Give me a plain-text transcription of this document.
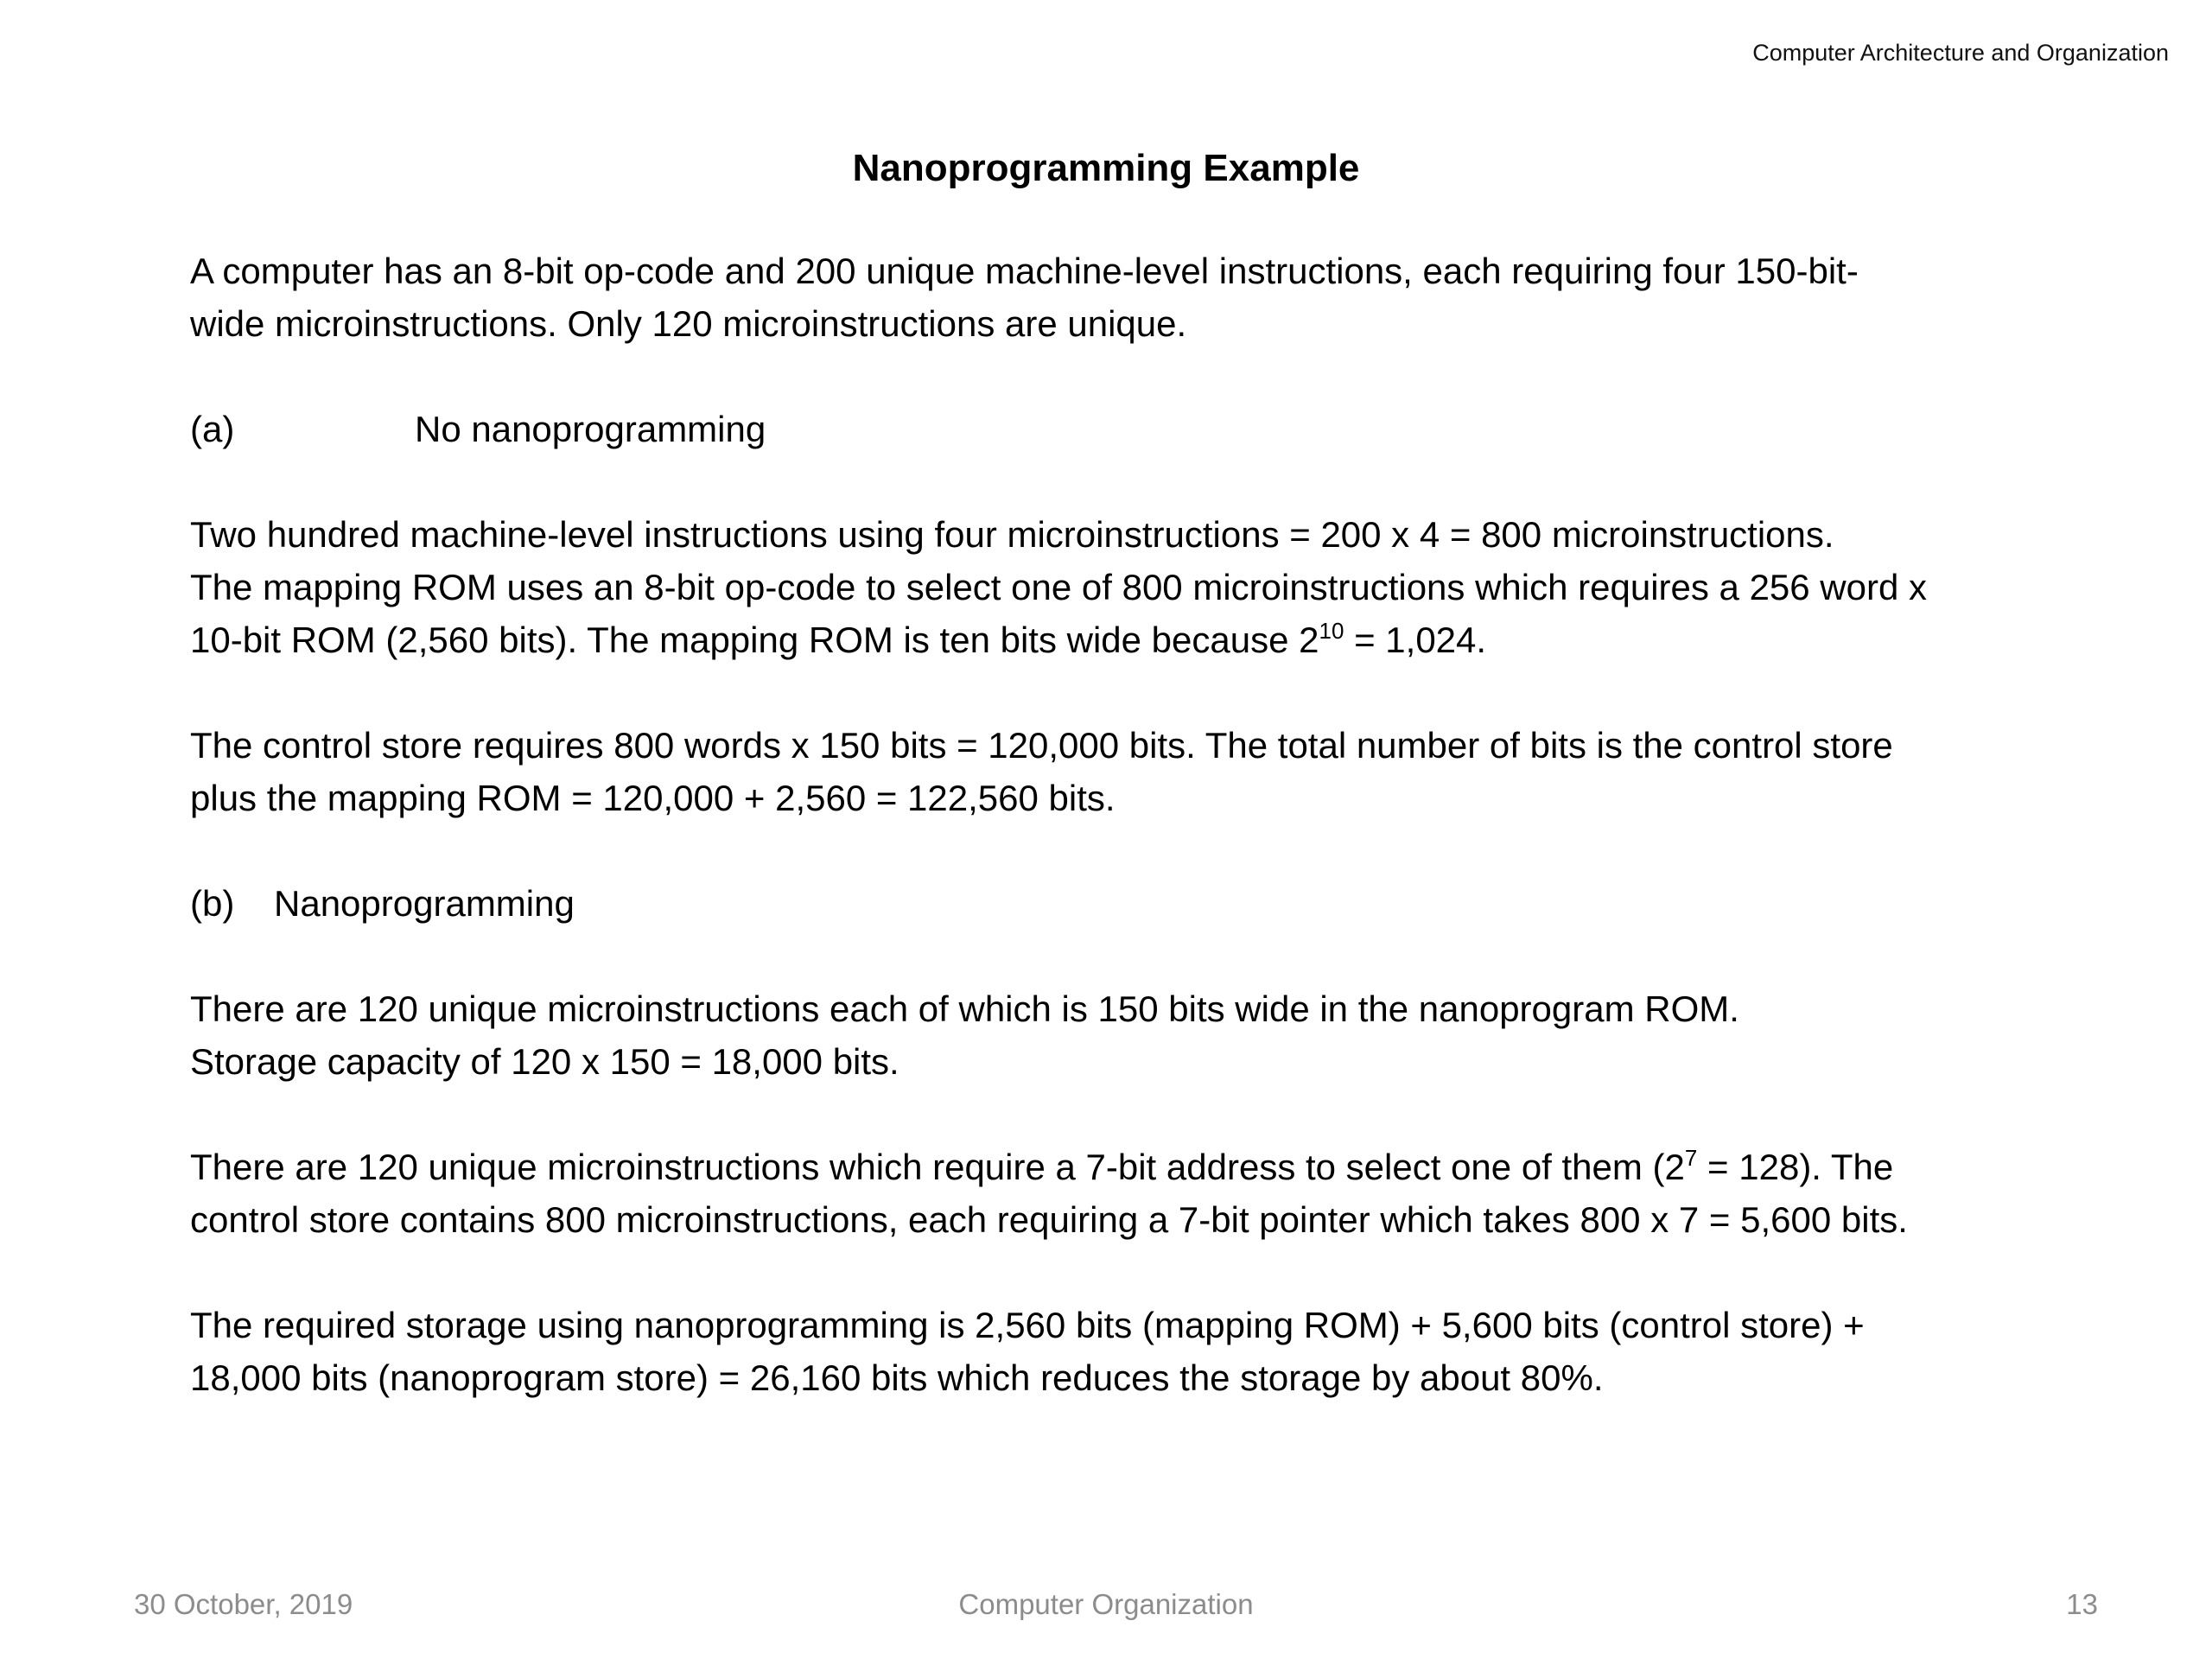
Computer Architecture and Organization
Nanoprogramming Example
A computer has an 8-bit op-code and 200 unique machine-level instructions, each requiring four 150-bit-
wide microinstructions. Only 120 microinstructions are unique.
(a)	No nanoprogramming
Two hundred machine-level instructions using four microinstructions = 200 x 4 = 800 microinstructions.
The mapping ROM uses an 8-bit op-code to select one of 800 microinstructions which requires a 256 word x
10-bit ROM (2,560 bits). The mapping ROM is ten bits wide because $2^{10} = 1,024$.
The control store requires 800 words x 150 bits = 120,000 bits. The total number of bits is the control store
plus the mapping ROM = 120,000 + 2,560 = 122,560 bits.
(b) Nanoprogramming
There are 120 unique microinstructions each of which is 150 bits wide in the nanoprogram ROM.
Storage capacity of 120 x 150 = 18,000 bits.
There are 120 unique microinstructions which require a 7-bit address to select one of them $(2^7 = 128)$. The
control store contains 800 microinstructions, each requiring a 7-bit pointer which takes 800 x 7 = 5,600 bits.
The required storage using nanoprogramming is 2,560 bits (mapping ROM) + 5,600 bits (control store) +
18,000 bits (nanoprogram store) = 26,160 bits which reduces the storage by about 80%.
30 October, 2019	Computer Organization	13
